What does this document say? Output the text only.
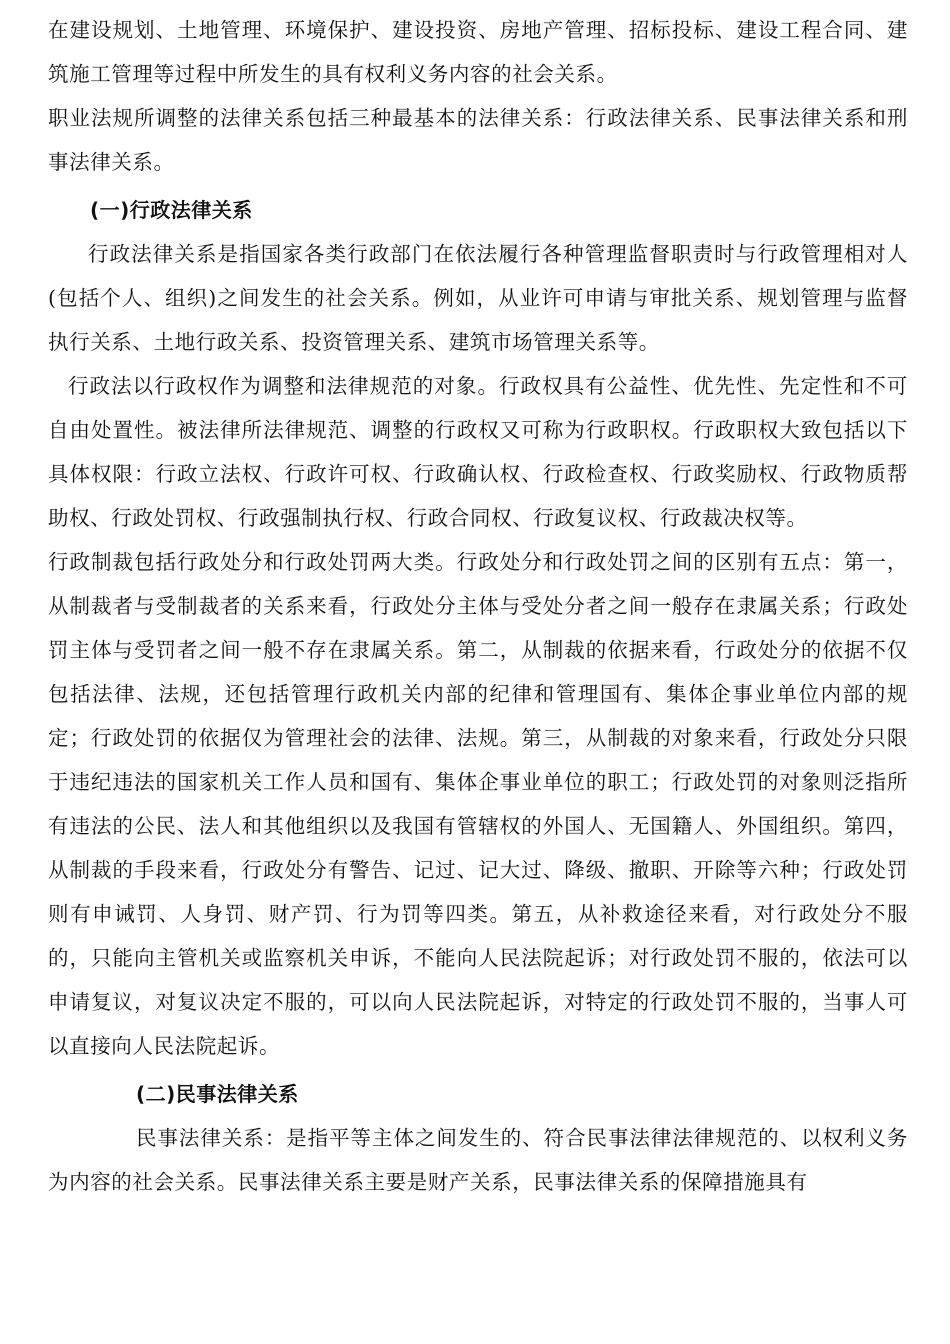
在建设规划、土地管理、环境保护、建设投资、房地产管理、招标投标、建设工程合同、建筑施工管理等过程中所发生的具有权利义务内容的社会关系。

职业法规所调整的法律关系包括三种最基本的法律关系：行政法律关系、民事法律关系和刑事法律关系。

(一)行政法律关系

行政法律关系是指国家各类行政部门在依法履行各种管理监督职责时与行政管理相对人(包括个人、组织)之间发生的社会关系。例如，从业许可申请与审批关系、规划管理与监督执行关系、土地行政关系、投资管理关系、建筑市场管理关系等。

行政法以行政权作为调整和法律规范的对象。行政权具有公益性、优先性、先定性和不可自由处置性。被法律所法律规范、调整的行政权又可称为行政职权。行政职权大致包括以下具体权限：行政立法权、行政许可权、行政确认权、行政检查权、行政奖励权、行政物质帮助权、行政处罚权、行政强制执行权、行政合同权、行政复议权、行政裁决权等。

行政制裁包括行政处分和行政处罚两大类。行政处分和行政处罚之间的区别有五点：第一，从制裁者与受制裁者的关系来看，行政处分主体与受处分者之间一般存在隶属关系；行政处罚主体与受罚者之间一般不存在隶属关系。第二，从制裁的依据来看，行政处分的依据不仅包括法律、法规，还包括管理行政机关内部的纪律和管理国有、集体企事业单位内部的规定；行政处罚的依据仅为管理社会的法律、法规。第三，从制裁的对象来看，行政处分只限于违纪违法的国家机关工作人员和国有、集体企事业单位的职工；行政处罚的对象则泛指所有违法的公民、法人和其他组织以及我国有管辖权的外国人、无国籍人、外国组织。第四，从制裁的手段来看，行政处分有警告、记过、记大过、降级、撤职、开除等六种；行政处罚则有申诫罚、人身罚、财产罚、行为罚等四类。第五，从补救途径来看，对行政处分不服的，只能向主管机关或监察机关申诉，不能向人民法院起诉；对行政处罚不服的，依法可以申请复议，对复议决定不服的，可以向人民法院起诉，对特定的行政处罚不服的，当事人可以直接向人民法院起诉。

(二)民事法律关系

民事法律关系：是指平等主体之间发生的、符合民事法律法律规范的、以权利义务为内容的社会关系。民事法律关系主要是财产关系，民事法律关系的保障措施具有
